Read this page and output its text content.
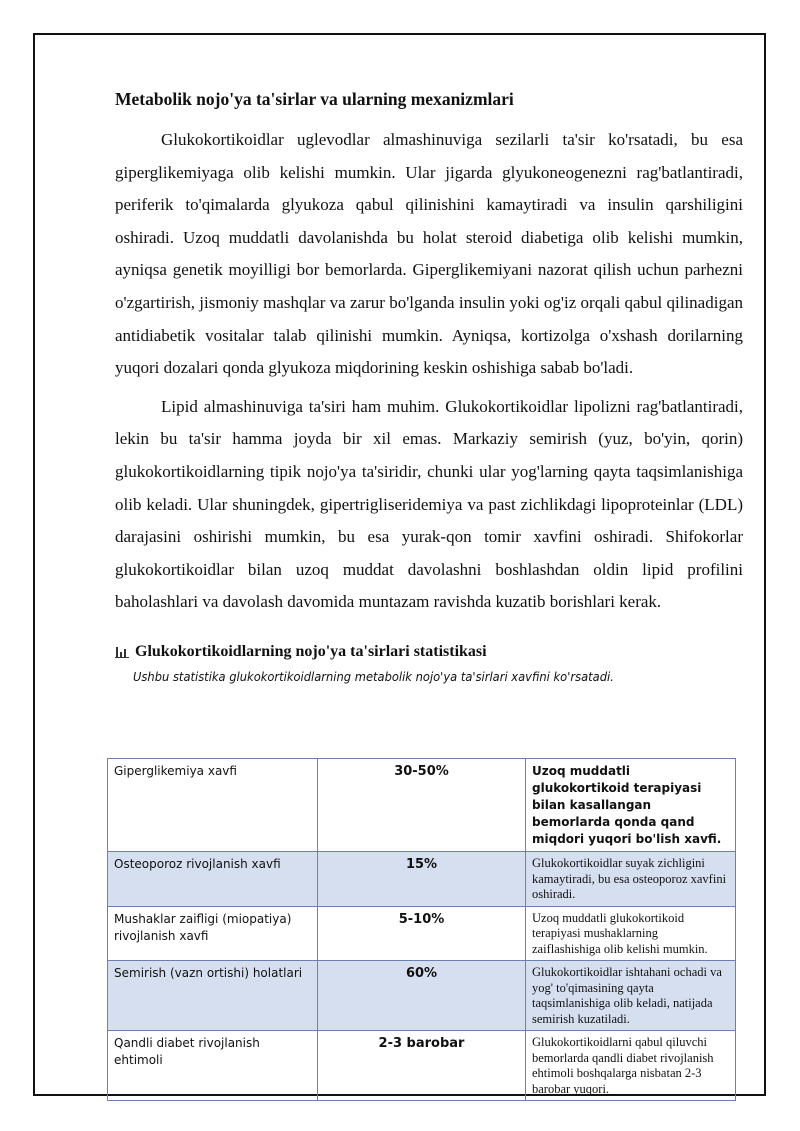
Metabolik nojo'ya ta'sirlar va ularning mexanizmlari

Glukokortikoidlar uglevodlar almashinuviga sezilarli ta'sir ko'rsatadi, bu esa giperglikemiyaga olib kelishi mumkin. Ular jigarda glyukoneogenezni rag'batlantiradi, periferik to'qimalarda glyukoza qabul qilinishini kamaytiradi va insulin qarshiligini oshiradi. Uzoq muddatli davolanishda bu holat steroid diabetiga olib kelishi mumkin, ayniqsa genetik moyilligi bor bemorlarda. Giperglikemiyani nazorat qilish uchun parhezni o'zgartirish, jismoniy mashqlar va zarur bo'lganda insulin yoki og'iz orqali qabul qilinadigan antidiabetik vositalar talab qilinishi mumkin. Ayniqsa, kortizolga o'xshash dorilarning yuqori dozalari qonda glyukoza miqdorining keskin oshishiga sabab bo'ladi.

Lipid almashinuviga ta'siri ham muhim. Glukokortikoidlar lipolizni rag'batlantiradi, lekin bu ta'sir hamma joyda bir xil emas. Markaziy semirish (yuz, bo'yin, qorin) glukokortikoidlarning tipik nojo'ya ta'siridir, chunki ular yog'larning qayta taqsimlanishiga olib keladi. Ular shuningdek, gipertrigliseridemiya va past zichlikdagi lipoproteinlar (LDL) darajasini oshirishi mumkin, bu esa yurak-qon tomir xavfini oshiradi. Shifokorlar glukokortikoidlar bilan uzoq muddat davolashni boshlashdan oldin lipid profilini baholashlari va davolash davomida muntazam ravishda kuzatib borishlari kerak.

Glukokortikoidlarning nojo'ya ta'sirlari statistikasi
Ushbu statistika glukokortikoidlarning metabolik nojo'ya ta'sirlari xavfini ko'rsatadi.
Giperglikemiya xavfi	30-50%	Uzoq muddatli glukokortikoid terapiyasi bilan kasallangan bemorlarda qonda qand miqdori yuqori bo'lish xavfi.
Osteoporoz rivojlanish xavfi	15%	Glukokortikoidlar suyak zichligini kamaytiradi, bu esa osteoporoz xavfini oshiradi.
Mushaklar zaifligi (miopatiya) rivojlanish xavfi	5-10%	Uzoq muddatli glukokortikoid terapiyasi mushaklarning zaiflashishiga olib kelishi mumkin.
Semirish (vazn ortishi) holatlari	60%	Glukokortikoidlar ishtahani ochadi va yog' to'qimasining qayta taqsimlanishiga olib keladi, natijada semirish kuzatiladi.
Qandli diabet rivojlanish ehtimoli	2-3 barobar	Glukokortikoidlarni qabul qiluvchi bemorlarda qandli diabet rivojlanish ehtimoli boshqalarga nisbatan 2-3 barobar yuqori.
